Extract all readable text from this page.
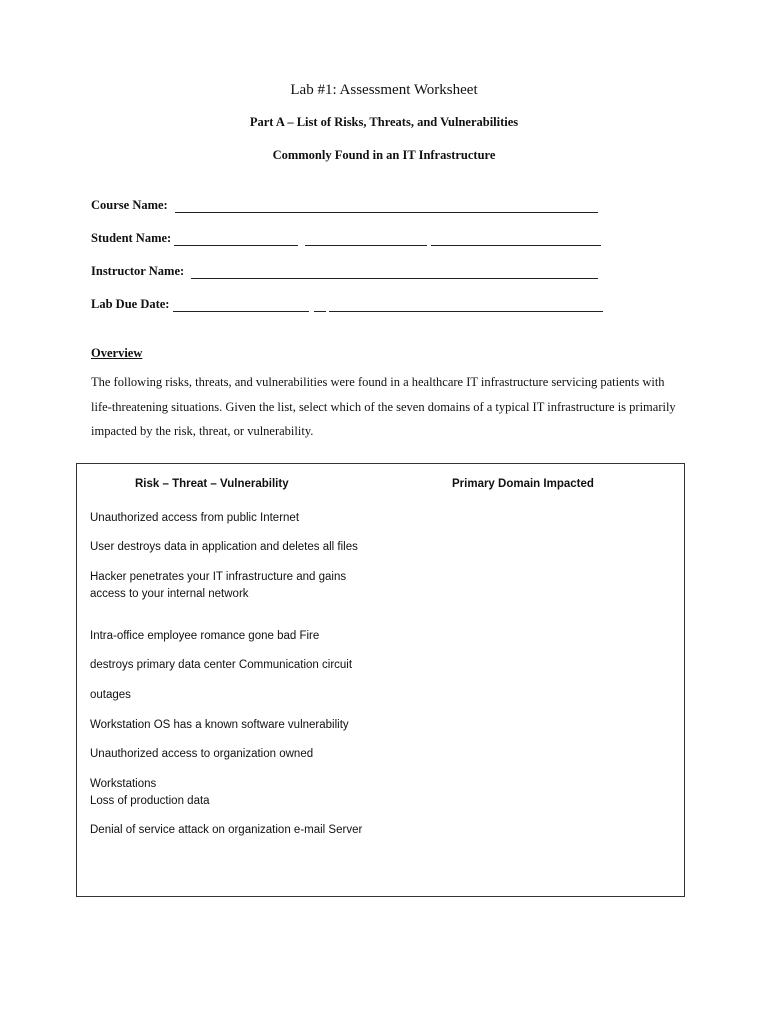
Lab #1: Assessment Worksheet
Part A – List of Risks, Threats, and Vulnerabilities
Commonly Found in an IT Infrastructure
Course Name:
Student Name:
Instructor Name:
Lab Due Date:
Overview
The following risks, threats, and vulnerabilities were found in a healthcare IT infrastructure servicing patients with life-threatening situations. Given the list, select which of the seven domains of a typical IT infrastructure is primarily impacted by the risk, threat, or vulnerability.
Risk – Threat – Vulnerability	Primary Domain Impacted
Unauthorized access from public Internet
User destroys data in application and deletes all files
Hacker penetrates your IT infrastructure and gains
access to your internal network
Intra-office employee romance gone bad Fire
destroys primary data center Communication circuit
outages
Workstation OS has a known software vulnerability
Unauthorized access to organization owned
Workstations
Loss of production data
Denial of service attack on organization e-mail Server
